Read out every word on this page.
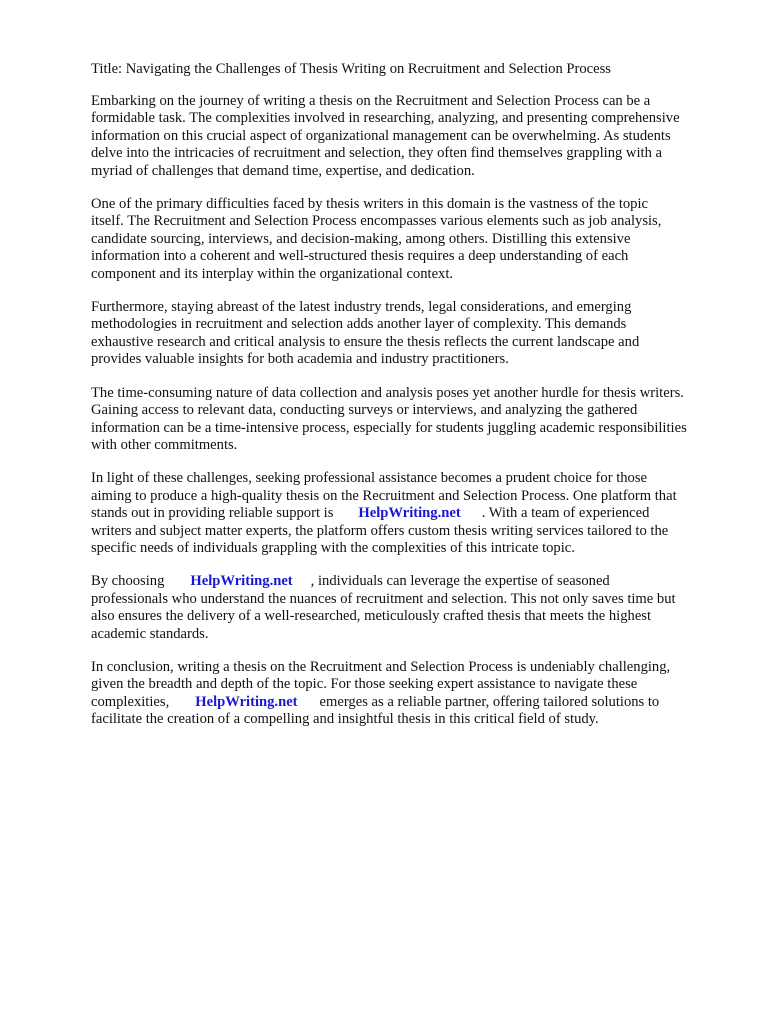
Title: Navigating the Challenges of Thesis Writing on Recruitment and Selection Process
Embarking on the journey of writing a thesis on the Recruitment and Selection Process can be a
formidable task. The complexities involved in researching, analyzing, and presenting comprehensive
information on this crucial aspect of organizational management can be overwhelming. As students
delve into the intricacies of recruitment and selection, they often find themselves grappling with a
myriad of challenges that demand time, expertise, and dedication.
One of the primary difficulties faced by thesis writers in this domain is the vastness of the topic
itself. The Recruitment and Selection Process encompasses various elements such as job analysis,
candidate sourcing, interviews, and decision-making, among others. Distilling this extensive
information into a coherent and well-structured thesis requires a deep understanding of each
component and its interplay within the organizational context.
Furthermore, staying abreast of the latest industry trends, legal considerations, and emerging
methodologies in recruitment and selection adds another layer of complexity. This demands
exhaustive research and critical analysis to ensure the thesis reflects the current landscape and
provides valuable insights for both academia and industry practitioners.
The time-consuming nature of data collection and analysis poses yet another hurdle for thesis writers.
Gaining access to relevant data, conducting surveys or interviews, and analyzing the gathered
information can be a time-intensive process, especially for students juggling academic responsibilities
with other commitments.
In light of these challenges, seeking professional assistance becomes a prudent choice for those
aiming to produce a high-quality thesis on the Recruitment and Selection Process. One platform that
stands out in providing reliable support is HelpWriting.net . With a team of experienced
writers and subject matter experts, the platform offers custom thesis writing services tailored to the
specific needs of individuals grappling with the complexities of this intricate topic.
By choosing HelpWriting.net , individuals can leverage the expertise of seasoned
professionals who understand the nuances of recruitment and selection. This not only saves time but
also ensures the delivery of a well-researched, meticulously crafted thesis that meets the highest
academic standards.
In conclusion, writing a thesis on the Recruitment and Selection Process is undeniably challenging,
given the breadth and depth of the topic. For those seeking expert assistance to navigate these
complexities, HelpWriting.net emerges as a reliable partner, offering tailored solutions to
facilitate the creation of a compelling and insightful thesis in this critical field of study.
